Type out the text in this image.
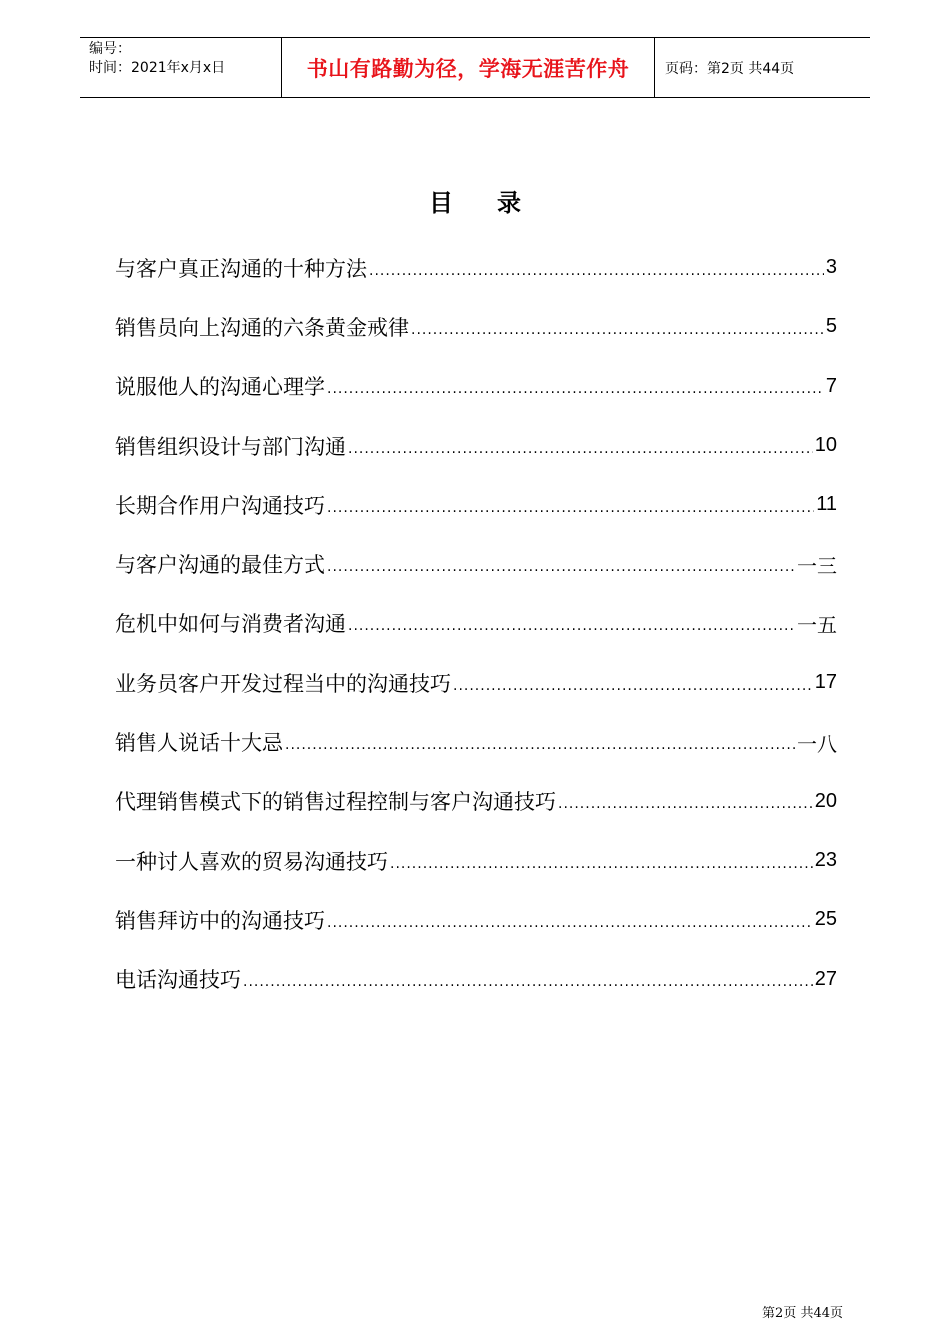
编号：
时间：2021年x月x日	书山有路勤为径，学海无涯苦作舟	页码：第2页 共44页
目录
与客户真正沟通的十种方法 .....	3
销售员向上沟通的六条黄金戒律 .....	5
说服他人的沟通心理学 .....	7
销售组织设计与部门沟通 .....	10
长期合作用户沟通技巧 .....	11
与客户沟通的最佳方式 .....	一三
危机中如何与消费者沟通 .....	一五
业务员客户开发过程当中的沟通技巧 .....	17
销售人说话十大忌 .....	一八
代理销售模式下的销售过程控制与客户沟通技巧 .....	20
一种讨人喜欢的贸易沟通技巧 .....	23
销售拜访中的沟通技巧 .....	25
电话沟通技巧 .....	27
第2页 共44页
